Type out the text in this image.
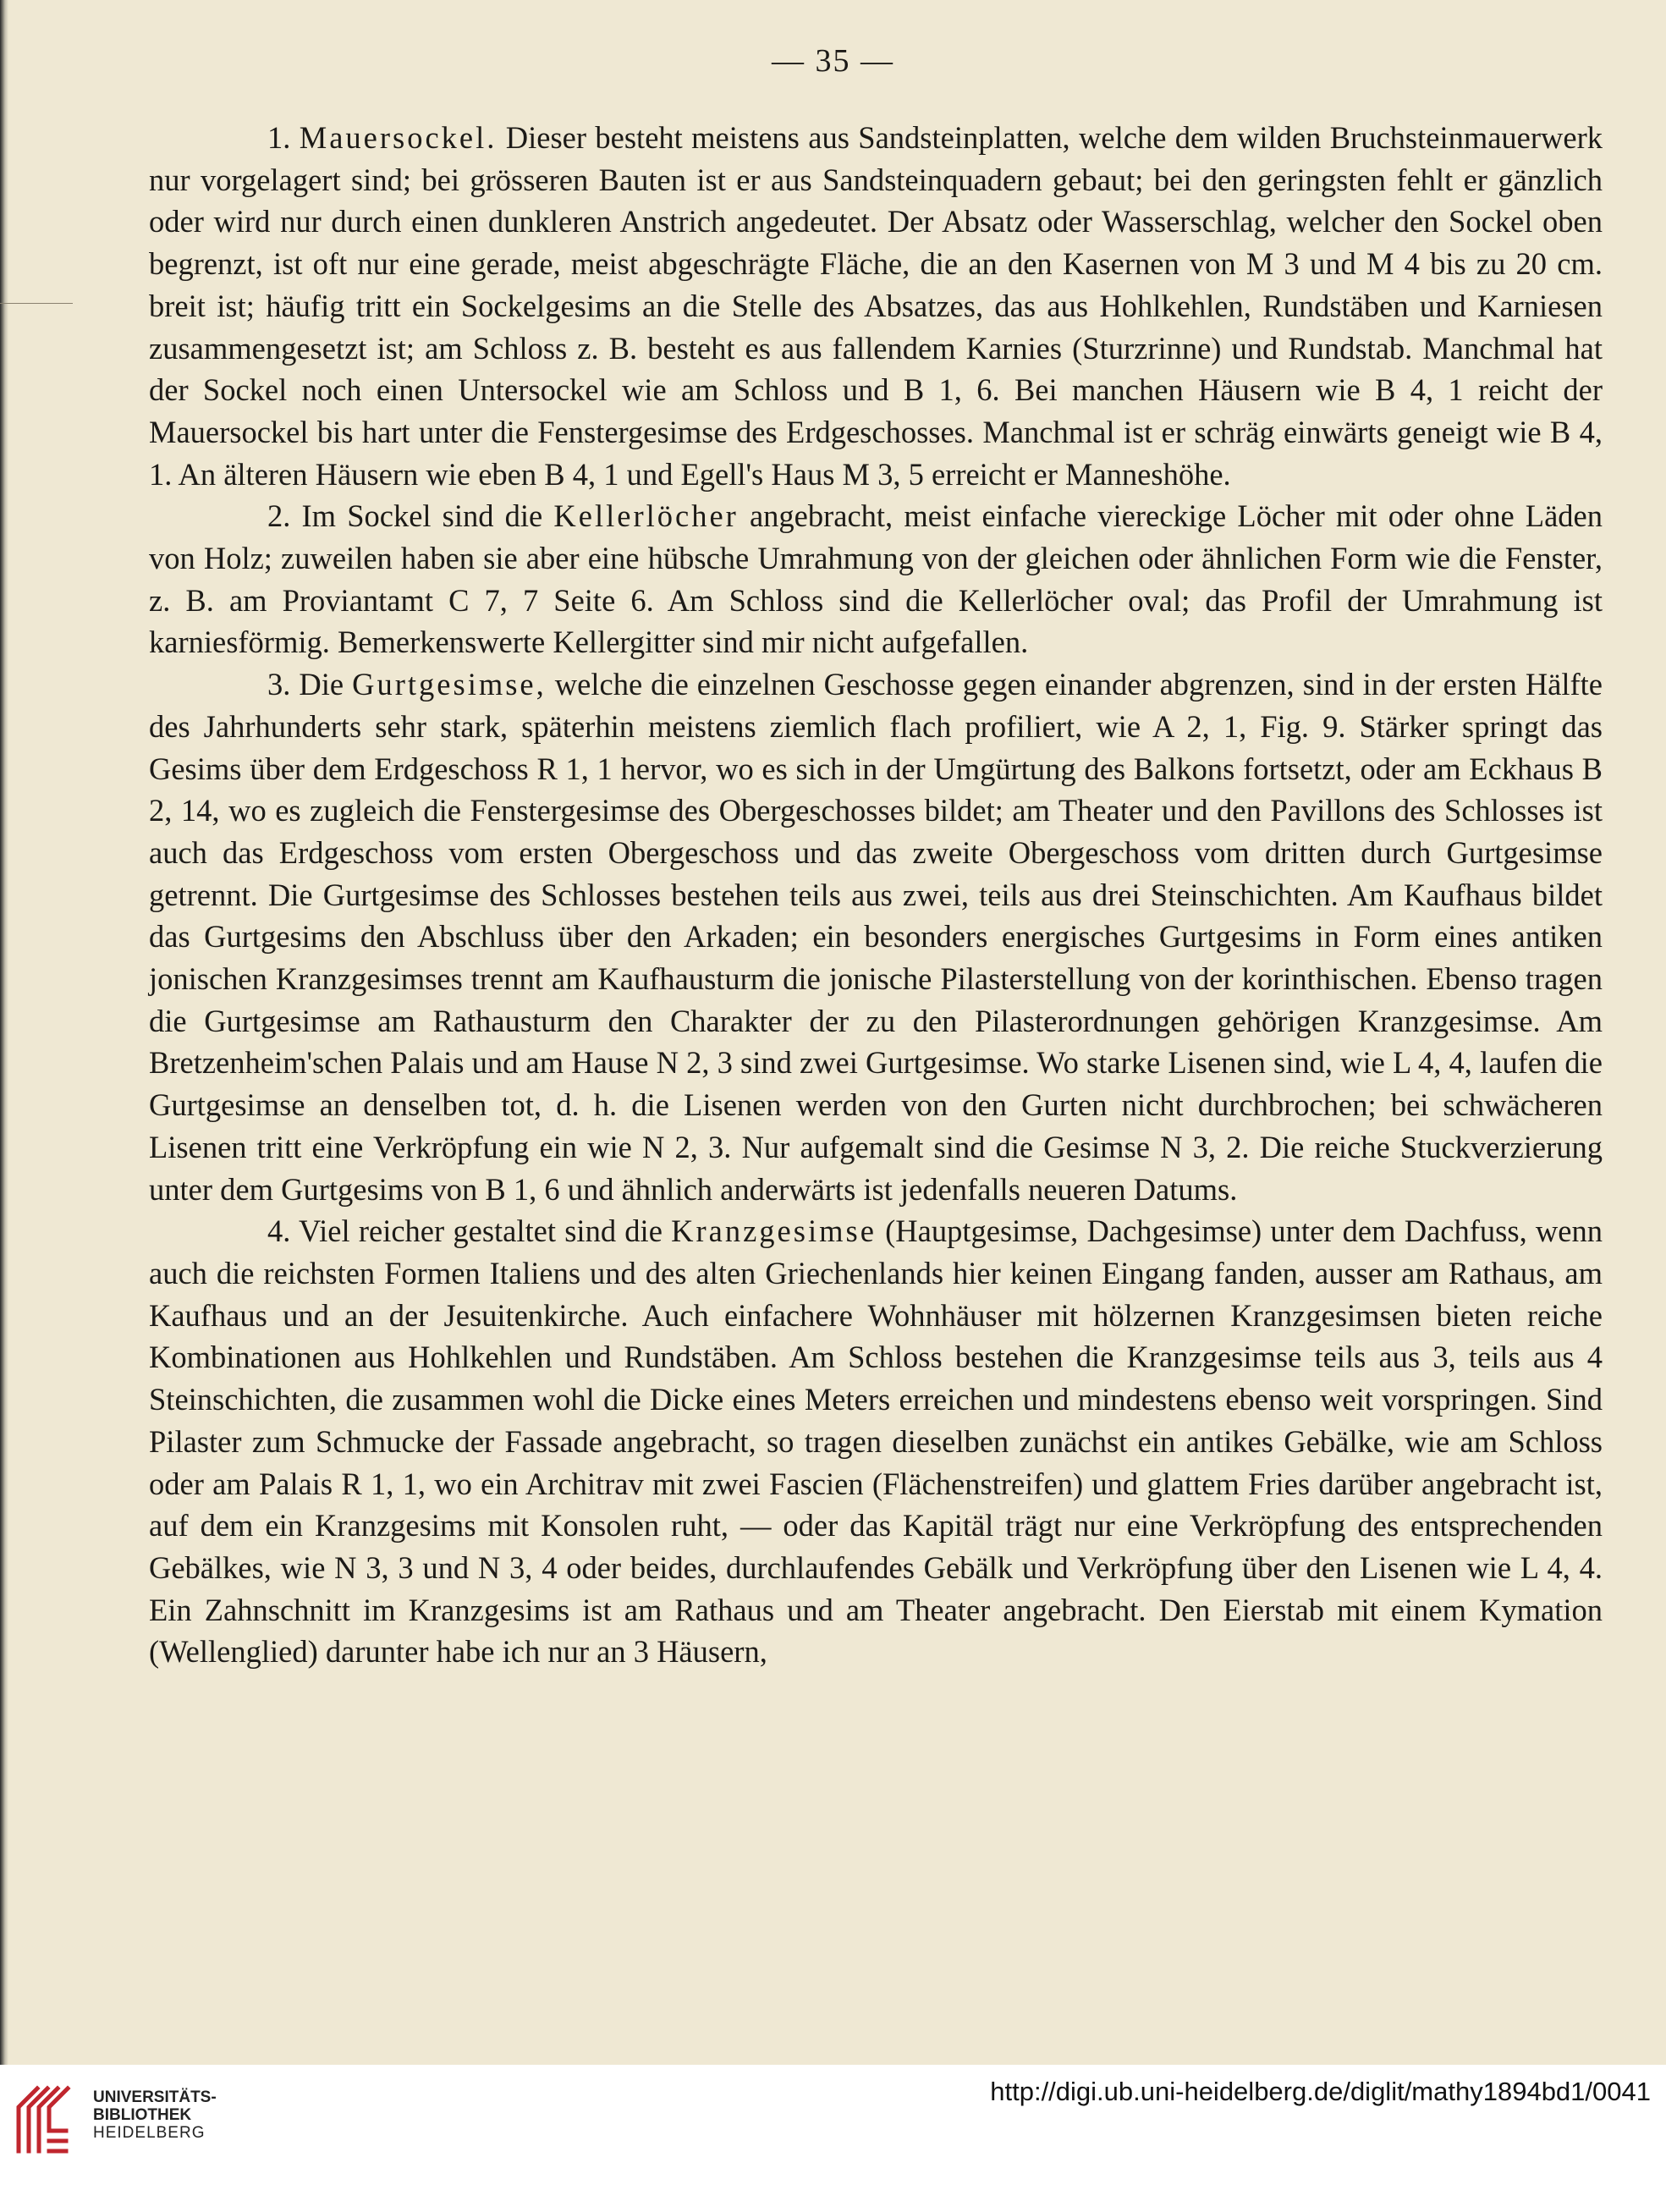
— 35 —

1. Mauersockel. Dieser besteht meistens aus Sandsteinplatten, welche dem wilden Bruchsteinmauerwerk nur vorgelagert sind; bei grösseren Bauten ist er aus Sandsteinquadern gebaut; bei den geringsten fehlt er gänzlich oder wird nur durch einen dunkleren Anstrich angedeutet. Der Absatz oder Wasserschlag, welcher den Sockel oben begrenzt, ist oft nur eine gerade, meist abgeschrägte Fläche, die an den Kasernen von M 3 und M 4 bis zu 20 cm. breit ist; häufig tritt ein Sockelgesims an die Stelle des Absatzes, das aus Hohlkehlen, Rundstäben und Karniesen zusammengesetzt ist; am Schloss z. B. besteht es aus fallendem Karnies (Sturzrinne) und Rundstab. Manchmal hat der Sockel noch einen Untersockel wie am Schloss und B 1, 6. Bei manchen Häusern wie B 4, 1 reicht der Mauersockel bis hart unter die Fenstergesimse des Erdgeschosses. Manchmal ist er schräg einwärts geneigt wie B 4, 1. An älteren Häusern wie eben B 4, 1 und Egell's Haus M 3, 5 erreicht er Manneshöhe.

2. Im Sockel sind die Kellerlöcher angebracht, meist einfache viereckige Löcher mit oder ohne Läden von Holz; zuweilen haben sie aber eine hübsche Umrahmung von der gleichen oder ähnlichen Form wie die Fenster, z. B. am Proviantamt C 7, 7 Seite 6. Am Schloss sind die Kellerlöcher oval; das Profil der Umrahmung ist karniesförmig. Bemerkenswerte Kellergitter sind mir nicht aufgefallen.

3. Die Gurtgesimse, welche die einzelnen Geschosse gegen einander abgrenzen, sind in der ersten Hälfte des Jahrhunderts sehr stark, späterhin meistens ziemlich flach profiliert, wie A 2, 1, Fig. 9. Stärker springt das Gesims über dem Erdgeschoss R 1, 1 hervor, wo es sich in der Umgürtung des Balkons fortsetzt, oder am Eckhaus B 2, 14, wo es zugleich die Fenstergesimse des Obergeschosses bildet; am Theater und den Pavillons des Schlosses ist auch das Erdgeschoss vom ersten Obergeschoss und das zweite Obergeschoss vom dritten durch Gurtgesimse getrennt. Die Gurtgesimse des Schlosses bestehen teils aus zwei, teils aus drei Steinschichten. Am Kaufhaus bildet das Gurtgesims den Abschluss über den Arkaden; ein besonders energisches Gurtgesims in Form eines antiken jonischen Kranzgesimses trennt am Kaufhausturm die jonische Pilasterstellung von der korinthischen. Ebenso tragen die Gurtgesimse am Rathausturm den Charakter der zu den Pilasterordnungen gehörigen Kranzgesimse. Am Bretzenheim'schen Palais und am Hause N 2, 3 sind zwei Gurtgesimse. Wo starke Lisenen sind, wie L 4, 4, laufen die Gurtgesimse an denselben tot, d. h. die Lisenen werden von den Gurten nicht durchbrochen; bei schwächeren Lisenen tritt eine Verkröpfung ein wie N 2, 3. Nur aufgemalt sind die Gesimse N 3, 2. Die reiche Stuckverzierung unter dem Gurtgesims von B 1, 6 und ähnlich anderwärts ist jedenfalls neueren Datums.

4. Viel reicher gestaltet sind die Kranzgesimse (Hauptgesimse, Dachgesimse) unter dem Dachfuss, wenn auch die reichsten Formen Italiens und des alten Griechenlands hier keinen Eingang fanden, ausser am Rathaus, am Kaufhaus und an der Jesuitenkirche. Auch einfachere Wohnhäuser mit hölzernen Kranzgesimsen bieten reiche Kombinationen aus Hohlkehlen und Rundstäben. Am Schloss bestehen die Kranzgesimse teils aus 3, teils aus 4 Steinschichten, die zusammen wohl die Dicke eines Meters erreichen und mindestens ebenso weit vorspringen. Sind Pilaster zum Schmucke der Fassade angebracht, so tragen dieselben zunächst ein antikes Gebälke, wie am Schloss oder am Palais R 1, 1, wo ein Architrav mit zwei Fascien (Flächenstreifen) und glattem Fries darüber angebracht ist, auf dem ein Kranzgesims mit Konsolen ruht, — oder das Kapitäl trägt nur eine Verkröpfung des entsprechenden Gebälkes, wie N 3, 3 und N 3, 4 oder beides, durchlaufendes Gebälk und Verkröpfung über den Lisenen wie L 4, 4. Ein Zahnschnitt im Kranzgesims ist am Rathaus und am Theater angebracht. Den Eierstab mit einem Kymation (Wellenglied) darunter habe ich nur an 3 Häusern,

UNIVERSITÄTS-
BIBLIOTHEK
HEIDELBERG
http://digi.ub.uni-heidelberg.de/diglit/mathy1894bd1/0041
